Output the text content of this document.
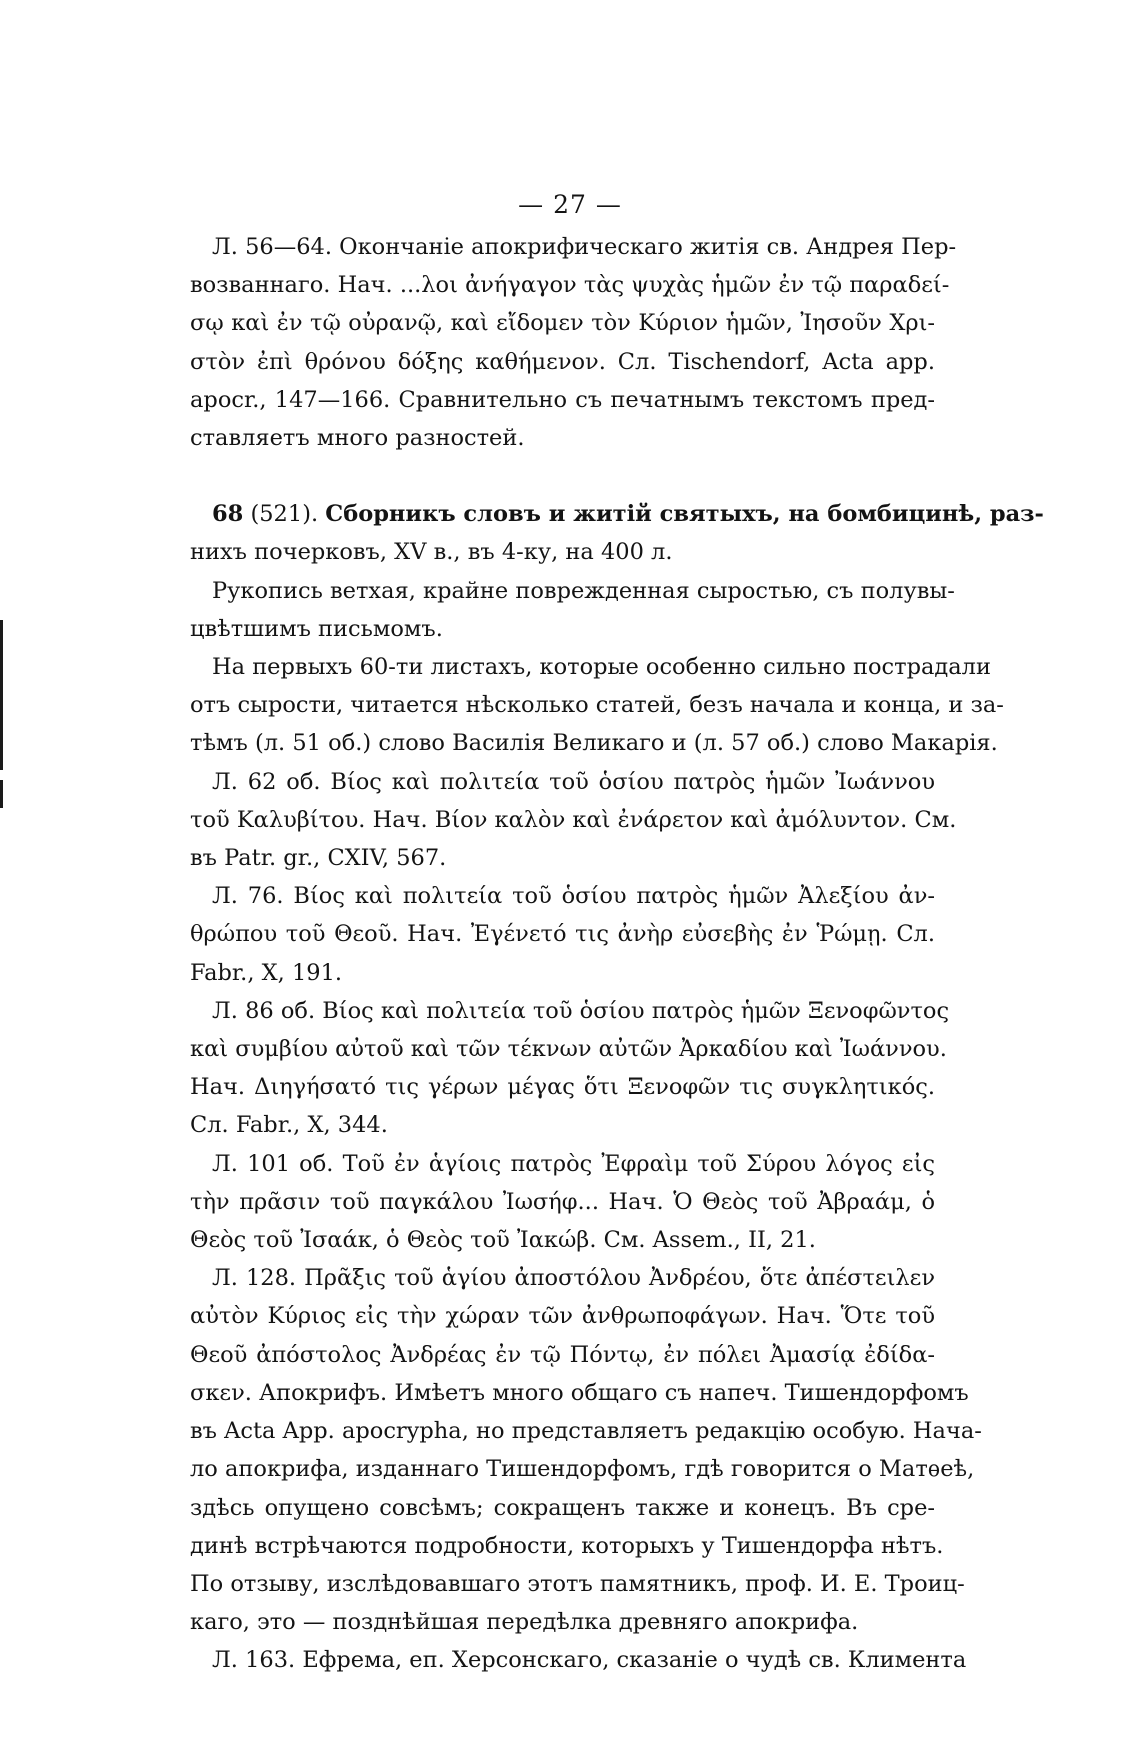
— 27 —

Л. 56—64. Окончаніе апокрифическаго житія св. Андрея Пер-
возваннаго. Нач. ...λοι ἀνήγαγον τὰς ψυχὰς ἡμῶν ἐν τῷ παραδεί-
σῳ καὶ ἐν τῷ οὐρανῷ, καὶ εἴδομεν τὸν Κύριον ἡμῶν, Ἰησοῦν Χρι-
στὸν ἐπὶ θρόνου δόξης καθήμενον. Сл. Tischendorf, Acta app.
apocr., 147—166. Сравнительно съ печатнымъ текстомъ пред-
ставляетъ много разностей.

68 (521). Сборникъ словъ и житій святыхъ, на бомбицинѣ, раз-
нихъ почерковъ, XV в., въ 4-ку, на 400 л.

Рукопись ветхая, крайне поврежденная сыростью, съ полувы-
цвѣтшимъ письмомъ.

На первыхъ 60-ти листахъ, которые особенно сильно пострадали
отъ сырости, читается нѣсколько статей, безъ начала и конца, и за-
тѣмъ (л. 51 об.) слово Василія Великаго и (л. 57 об.) слово Макарія.

Л. 62 об. Βίος καὶ πολιτεία τοῦ ὁσίου πατρὸς ἡμῶν Ἰωάννου
τοῦ Καλυβίτου. Нач. Βίον καλὸν καὶ ἐνάρετον καὶ ἀμόλυντον. См.
въ Patr. gr., CXIV, 567.

Л. 76. Βίος καὶ πολιτεία τοῦ ὁσίου πατρὸς ἡμῶν Ἀλεξίου ἀν-
θρώπου τοῦ Θεοῦ. Нач. Ἐγένετό τις ἀνὴρ εὐσεβὴς ἐν Ῥώμῃ. Сл.
Fabr., X, 191.

Л. 86 об. Βίος καὶ πολιτεία τοῦ ὁσίου πατρὸς ἡμῶν Ξενοφῶντος
καὶ συμβίου αὐτοῦ καὶ τῶν τέκνων αὐτῶν Ἀρκαδίου καὶ Ἰωάννου.
Нач. Διηγήσατό τις γέρων μέγας ὅτι Ξενοφῶν τις συγκλητικός.
Сл. Fabr., X, 344.

Л. 101 об. Τοῦ ἐν ἁγίοις πατρὸς Ἐφραὶμ τοῦ Σύρου λόγος εἰς
τὴν πρᾶσιν τοῦ παγκάλου Ἰωσήφ... Нач. Ὁ Θεὸς τοῦ Ἀβραάμ, ὁ
Θεὸς τοῦ Ἰσαάκ, ὁ Θεὸς τοῦ Ἰακώβ. См. Assem., II, 21.

Л. 128. Πρᾶξις τοῦ ἁγίου ἀποστόλου Ἀνδρέου, ὅτε ἀπέστειλεν
αὐτὸν Κύριος εἰς τὴν χώραν τῶν ἀνθρωποφάγων. Нач. Ὅτε τοῦ
Θεοῦ ἀπόστολος Ἀνδρέας ἐν τῷ Πόντῳ, ἐν πόλει Ἀμασίᾳ ἐδίδα-
σκεν. Апокрифъ. Имѣетъ много общаго съ напеч. Тишендорфомъ
въ Acta App. apocrypha, но представляетъ редакцію особую. Нача-
ло апокрифа, изданнаго Тишендорфомъ, гдѣ говорится о Матѳеѣ,
здѣсь опущено совсѣмъ; сокращенъ также и конецъ. Въ сре-
динѣ встрѣчаются подробности, которыхъ у Тишендорфа нѣтъ.
По отзыву, изслѣдовавшаго этотъ памятникъ, проф. И. Е. Троиц-
каго, это — позднѣйшая передѣлка древняго апокрифа.

Л. 163. Ефрема, еп. Херсонскаго, сказаніе о чудѣ св. Климента
